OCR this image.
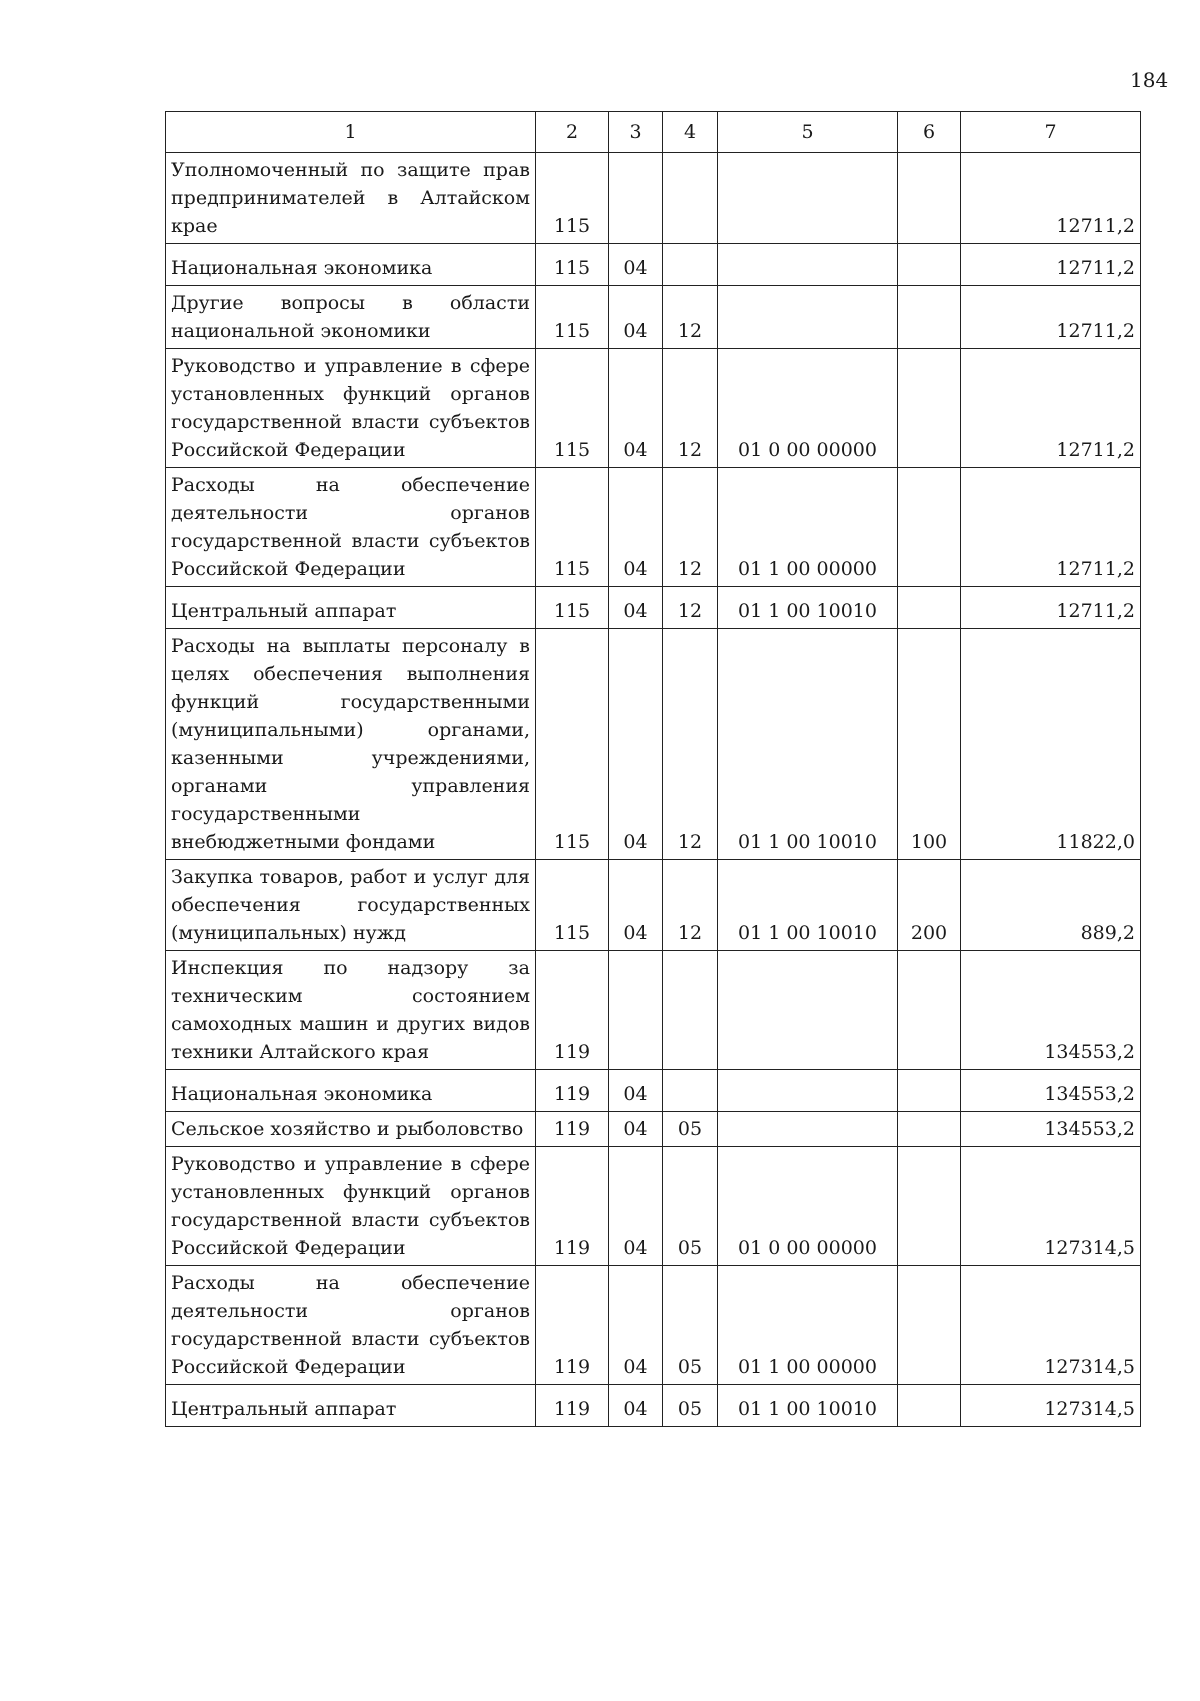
184
1	2	3	4	5	6	7
Уполномоченный по защите прав предпринимателей в Алтайском крае	115					12711,2
Национальная экономика	115	04				12711,2
Другие вопросы в области национальной экономики	115	04	12			12711,2
Руководство и управление в сфере установленных функций органов государственной власти субъектов Российской Федерации	115	04	12	01 0 00 00000		12711,2
Расходы на обеспечение деятельности органов государственной власти субъектов Российской Федерации	115	04	12	01 1 00 00000		12711,2
Центральный аппарат	115	04	12	01 1 00 10010		12711,2
Расходы на выплаты персоналу в целях обеспечения выполнения функций государственными (муниципальными) органами, казенными учреждениями, органами управления государственными внебюджетными фондами	115	04	12	01 1 00 10010	100	11822,0
Закупка товаров, работ и услуг для обеспечения государственных (муниципальных) нужд	115	04	12	01 1 00 10010	200	889,2
Инспекция по надзору за техническим состоянием самоходных машин и других видов техники Алтайского края	119					134553,2
Национальная экономика	119	04				134553,2
Сельское хозяйство и рыболовство	119	04	05			134553,2
Руководство и управление в сфере установленных функций органов государственной власти субъектов Российской Федерации	119	04	05	01 0 00 00000		127314,5
Расходы на обеспечение деятельности органов государственной власти субъектов Российской Федерации	119	04	05	01 1 00 00000		127314,5
Центральный аппарат	119	04	05	01 1 00 10010		127314,5
